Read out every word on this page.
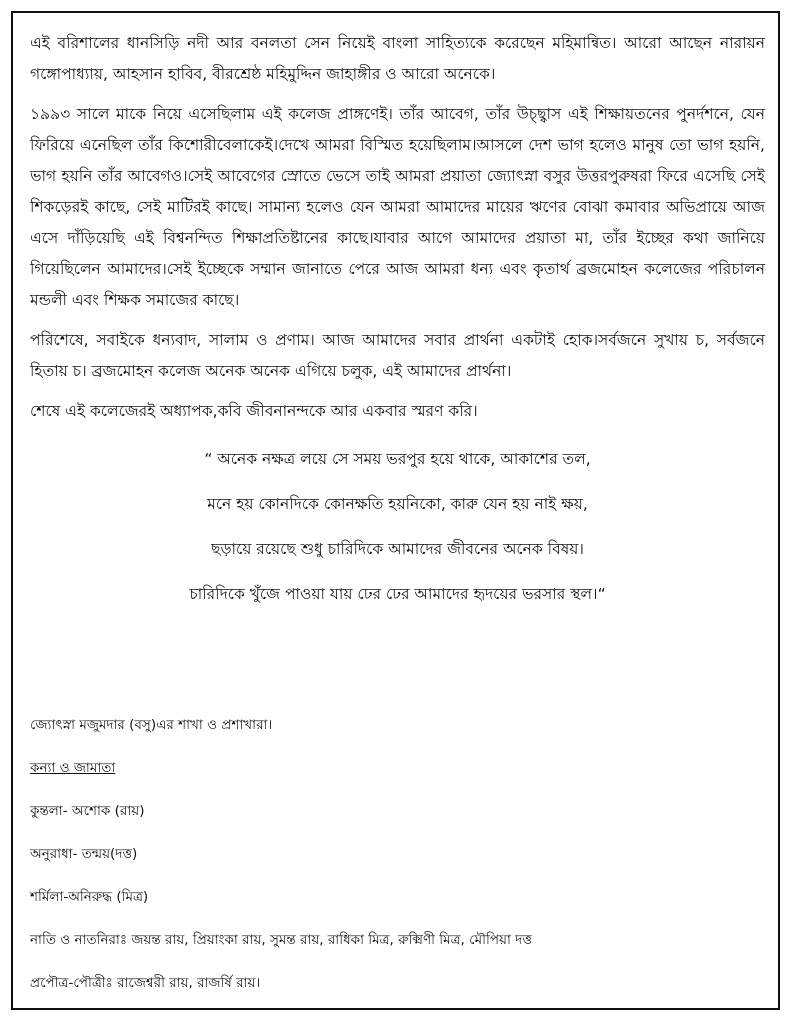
এই বরিশালের ধানসিড়ি নদী আর বনলতা সেন নিয়েই বাংলা সাহিত্যকে করেছেন মহিমান্বিত। আরো আছেন নারায়ন গঙ্গোপাধ্যায়, আহসান হাবিব, বীরশ্রেষ্ঠ মহিমুদ্দিন জাহাঙ্গীর ও আরো অনেকে।

১৯৯৩ সালে মাকে নিয়ে এসেছিলাম এই কলেজ প্রাঙ্গণেই। তাঁর আবেগ, তাঁর উচ্ছ্বাস এই শিক্ষায়তনের পুনর্দশনে, যেন ফিরিয়ে এনেছিল তাঁর কিশোরীবেলাকেই।দেখে আমরা বিস্মিত হয়েছিলাম।আসলে দেশ ভাগ হলেও মানুষ তো ভাগ হয়নি, ভাগ হয়নি তাঁর আবেগও।সেই আবেগের স্রোতে ভেসে তাই আমরা প্রয়াতা জ্যোৎস্না বসুর উত্তরপুরুষরা ফিরে এসেছি সেই শিকড়েরই কাছে, সেই মাটিরই কাছে। সামান্য হলেও যেন আমরা আমাদের মায়ের ঋণের বোঝা কমাবার অভিপ্রায়ে আজ এসে দাঁড়িয়েছি এই বিশ্বনন্দিত শিক্ষাপ্রতিষ্টানের কাছে।যাবার আগে আমাদের প্রয়াতা মা, তাঁর ইচ্ছের কথা জানিয়ে গিয়েছিলেন আমাদের।সেই ইচ্ছেকে সম্মান জানাতে পেরে আজ আমরা ধন্য এবং কৃতার্থ ব্রজমোহন কলেজের পরিচালন মন্ডলী এবং শিক্ষক সমাজের কাছে।

পরিশেষে, সবাইকে ধন্যবাদ, সালাম ও প্রণাম। আজ আমাদের সবার প্রার্থনা একটাই হোক।সর্বজনে সুখায় চ, সর্বজনে হিতায় চ। ব্রজমোহন কলেজ অনেক অনেক এগিয়ে চলুক, এই আমাদের প্রার্থনা।

শেষে এই কলেজেরই অধ্যাপক,কবি জীবনানন্দকে আর একবার স্মরণ করি।

“ অনেক নক্ষত্র লয়ে সে সময় ভরপুর হয়ে থাকে, আকাশের তল,
মনে হয় কোনদিকে কোনক্ষতি হয়নিকো, কারু যেন হয় নাই ক্ষয়,
ছড়ায়ে রয়েছে শুধু চারিদিকে আমাদের জীবনের অনেক বিষয়।
চারিদিকে খুঁজে পাওয়া যায় ঢের ঢের আমাদের হৃদয়ের ভরসার স্থল।“
জ্যোৎস্না মজুমদার (বসু)এর শাখা ও প্রশাখারা।
কন্যা ও জামাতা
কুন্তলা- অশোক (রায়)
অনুরাধা- তন্ময়(দত্ত)
শর্মিলা-অনিরুদ্ধ (মিত্র)
নাতি ও নাতনিরাঃ জয়ন্ত রায়, প্রিয়াংকা রায়, সুমন্ত রায়, রাধিকা মিত্র, রুক্মিণী মিত্র, মৌপিয়া দত্ত
প্রপৌত্র-পৌত্রীঃ রাজেশ্বরী রায়, রাজর্ষি রায়।
